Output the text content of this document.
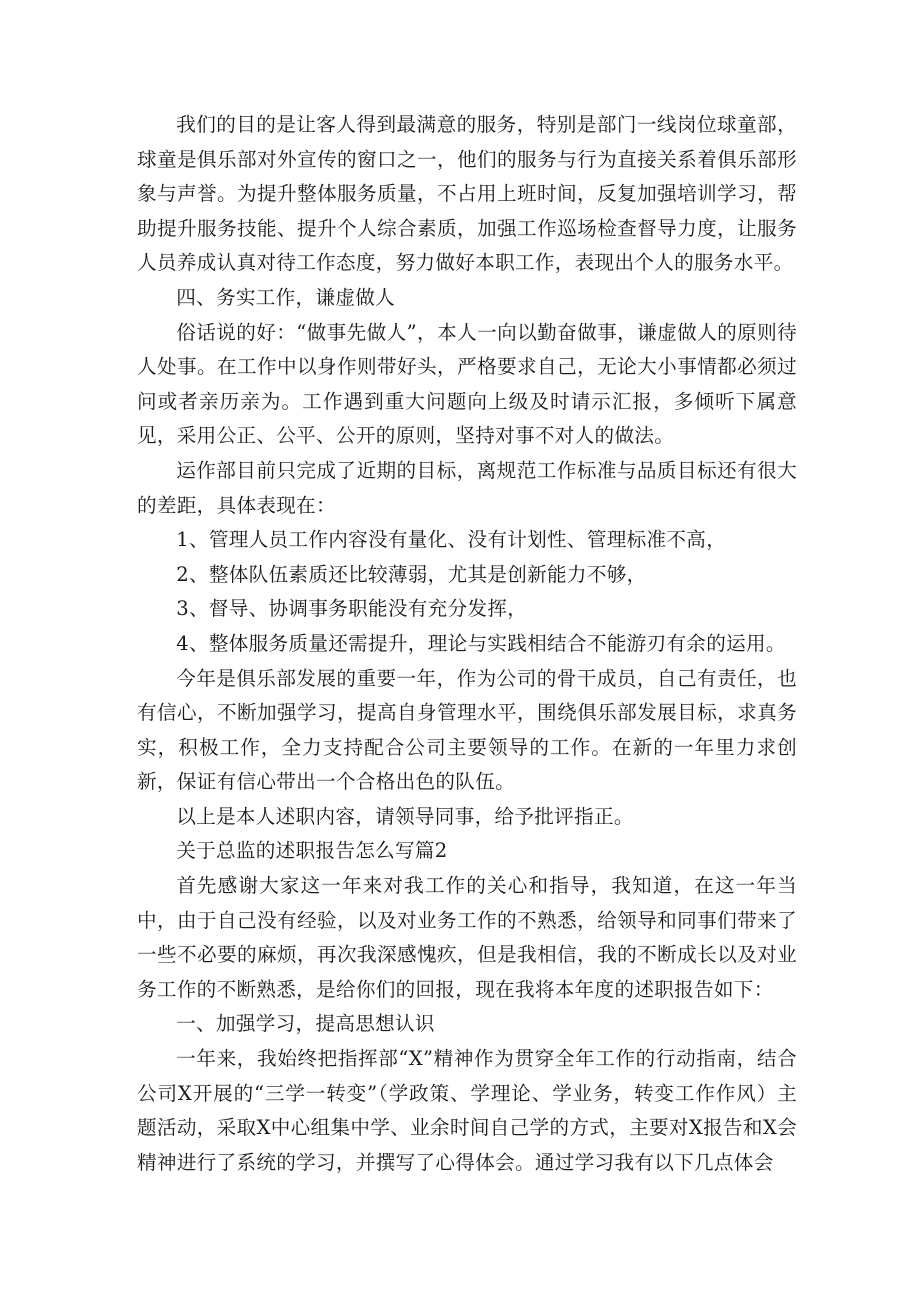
我们的目的是让客人得到最满意的服务，特别是部门一线岗位球童部，球童是俱乐部对外宣传的窗口之一，他们的服务与行为直接关系着俱乐部形象与声誉。为提升整体服务质量，不占用上班时间，反复加强培训学习，帮助提升服务技能、提升个人综合素质，加强工作巡场检查督导力度，让服务人员养成认真对待工作态度，努力做好本职工作，表现出个人的服务水平。

四、务实工作，谦虚做人

俗话说的好：“做事先做人”，本人一向以勤奋做事，谦虚做人的原则待人处事。在工作中以身作则带好头，严格要求自己，无论大小事情都必须过问或者亲历亲为。工作遇到重大问题向上级及时请示汇报，多倾听下属意见，采用公正、公平、公开的原则，坚持对事不对人的做法。

运作部目前只完成了近期的目标，离规范工作标准与品质目标还有很大的差距，具体表现在：

1、管理人员工作内容没有量化、没有计划性、管理标准不高，

2、整体队伍素质还比较薄弱，尤其是创新能力不够，

3、督导、协调事务职能没有充分发挥，

4、整体服务质量还需提升，理论与实践相结合不能游刃有余的运用。

今年是俱乐部发展的重要一年，作为公司的骨干成员，自己有责任，也有信心，不断加强学习，提高自身管理水平，围绕俱乐部发展目标，求真务实，积极工作，全力支持配合公司主要领导的工作。在新的一年里力求创新，保证有信心带出一个合格出色的队伍。

以上是本人述职内容，请领导同事，给予批评指正。

关于总监的述职报告怎么写篇2

首先感谢大家这一年来对我工作的关心和指导，我知道，在这一年当中，由于自己没有经验，以及对业务工作的不熟悉，给领导和同事们带来了一些不必要的麻烦，再次我深感愧疚，但是我相信，我的不断成长以及对业务工作的不断熟悉，是给你们的回报，现在我将本年度的述职报告如下：

一、加强学习，提高思想认识

一年来，我始终把指挥部“X”精神作为贯穿全年工作的行动指南，结合公司X开展的“三学一转变”（学政策、学理论、学业务，转变工作作风）主题活动，采取X中心组集中学、业余时间自己学的方式，主要对X报告和X会精神进行了系统的学习，并撰写了心得体会。通过学习我有以下几点体会
